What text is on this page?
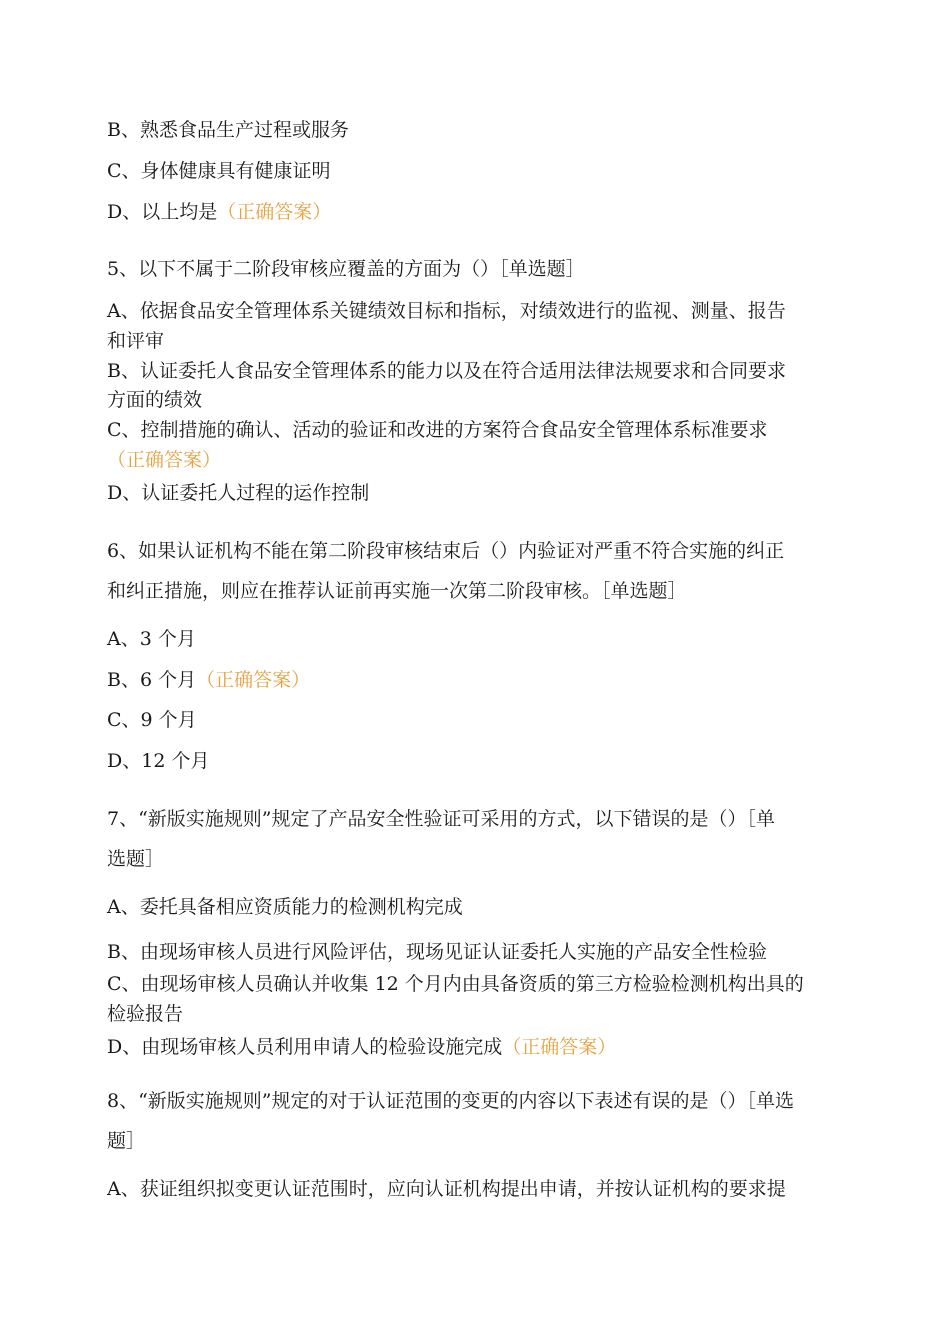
B、熟悉食品生产过程或服务
C、身体健康具有健康证明
D、以上均是（正确答案）
5、以下不属于二阶段审核应覆盖的方面为（）［单选题］
A、依据食品安全管理体系关键绩效目标和指标，对绩效进行的监视、测量、报告
和评审
B、认证委托人食品安全管理体系的能力以及在符合适用法律法规要求和合同要求
方面的绩效
C、控制措施的确认、活动的验证和改进的方案符合食品安全管理体系标准要求
（正确答案）
D、认证委托人过程的运作控制
6、如果认证机构不能在第二阶段审核结束后（）内验证对严重不符合实施的纠正
和纠正措施，则应在推荐认证前再实施一次第二阶段审核。［单选题］
A、3 个月
B、6 个月（正确答案）
C、9 个月
D、12 个月
7、“新版实施规则”规定了产品安全性验证可采用的方式，以下错误的是（）［单
选题］
A、委托具备相应资质能力的检测机构完成
B、由现场审核人员进行风险评估，现场见证认证委托人实施的产品安全性检验
C、由现场审核人员确认并收集 12 个月内由具备资质的第三方检验检测机构出具的
检验报告
D、由现场审核人员利用申请人的检验设施完成（正确答案）
8、“新版实施规则”规定的对于认证范围的变更的内容以下表述有误的是（）［单选
题］
A、获证组织拟变更认证范围时，应向认证机构提出申请，并按认证机构的要求提
